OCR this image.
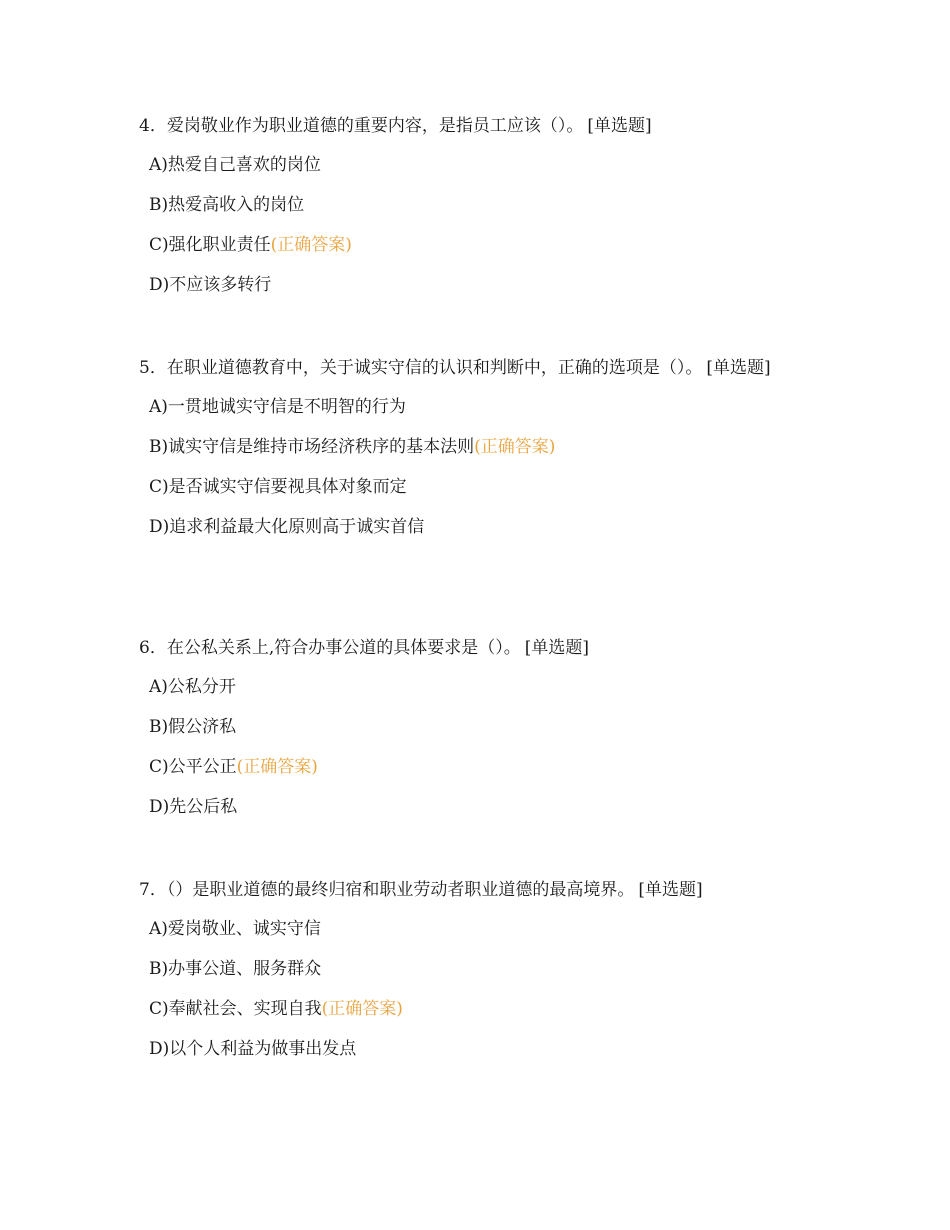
4．爱岗敬业作为职业道德的重要内容，是指员工应该（）。 [单选题]

A)热爱自己喜欢的岗位
B)热爱高收入的岗位
C)强化职业责任(正确答案)
D)不应该多转行

5．在职业道德教育中，关于诚实守信的认识和判断中，正确的选项是（）。 [单选题]

A)一贯地诚实守信是不明智的行为
B)诚实守信是维持市场经济秩序的基本法则(正确答案)
C)是否诚实守信要视具体对象而定
D)追求利益最大化原则高于诚实首信

6．在公私关系上,符合办事公道的具体要求是（）。 [单选题]

A)公私分开
B)假公济私
C)公平公正(正确答案)
D)先公后私

7．（）是职业道德的最终归宿和职业劳动者职业道德的最高境界。 [单选题]

A)爱岗敬业、诚实守信
B)办事公道、服务群众
C)奉献社会、实现自我(正确答案)
D)以个人利益为做事出发点
